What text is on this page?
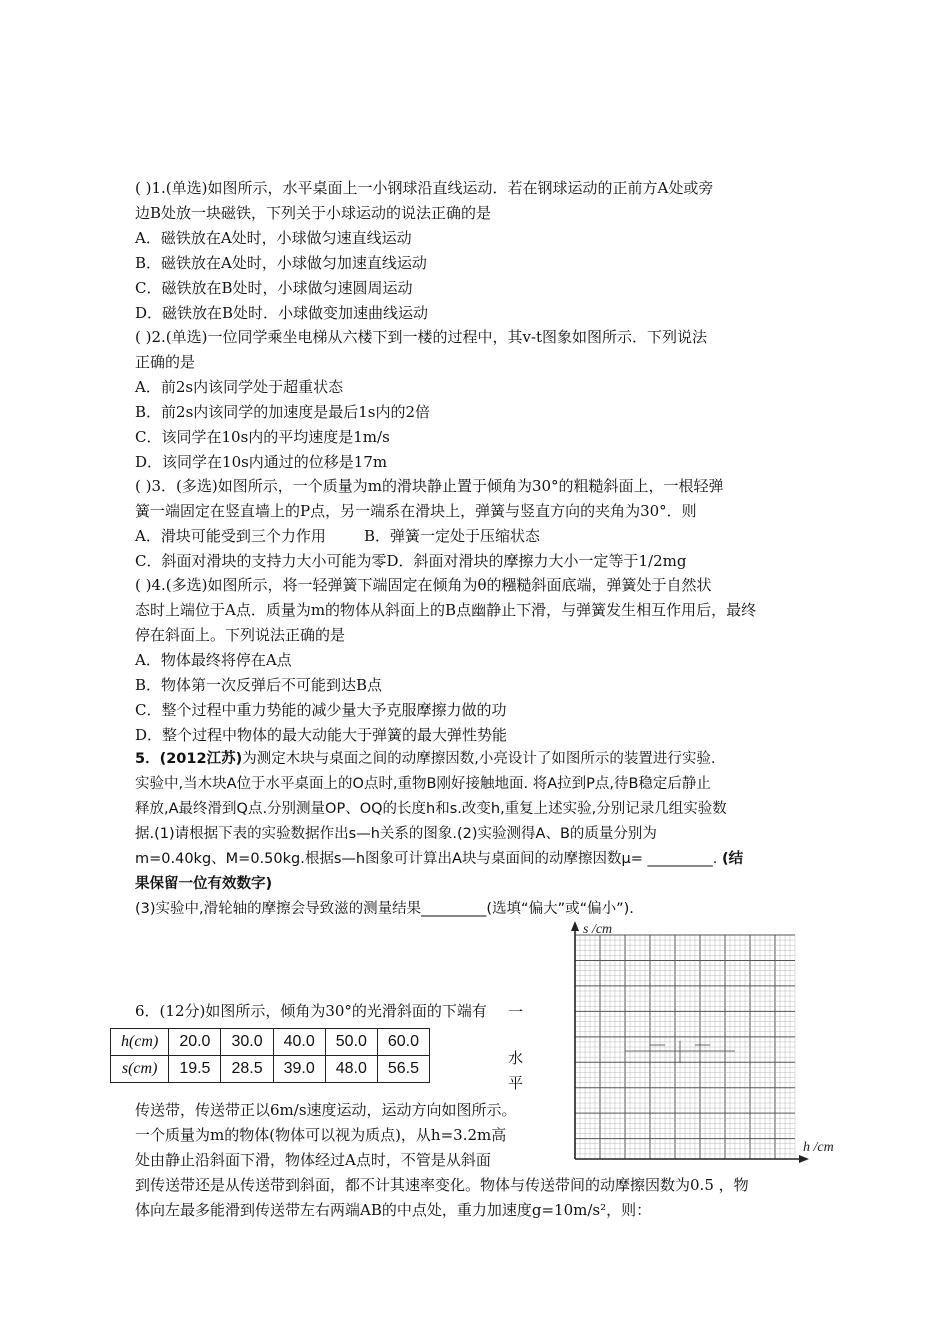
( )1.(单选)如图所示，水平桌面上一小钢球沿直线运动．若在钢球运动的正前方A处或旁
边B处放一块磁铁，下列关于小球运动的说法正确的是
A．磁铁放在A处时，小球做匀速直线运动
B．磁铁放在A处时，小球做匀加速直线运动
C．磁铁放在B处时，小球做匀速圆周运动
D．磁铁放在B处时．小球做变加速曲线运动
( )2.(单选)一位同学乘坐电梯从六楼下到一楼的过程中，其v-t图象如图所示．下列说法
正确的是
A．前2s内该同学处于超重状态
B．前2s内该同学的加速度是最后1s内的2倍
C．该同学在10s内的平均速度是1m/s
D．该同学在10s内通过的位移是17m
( )3．(多选)如图所示，一个质量为m的滑块静止置于倾角为30°的粗糙斜面上，一根轻弹
簧一端固定在竖直墙上的P点，另一端系在滑块上，弹簧与竖直方向的夹角为30°．则
A．滑块可能受到三个力作用        B．弹簧一定处于压缩状态
C．斜面对滑块的支持力大小可能为零D．斜面对滑块的摩擦力大小一定等于1/2mg
( )4.(多选)如图所示，将一轻弹簧下端固定在倾角为θ的糨糙斜面底端，弹簧处于自然状
态时上端位于A点．质量为m的物体从斜面上的B点幽静止下滑，与弹簧发生相互作用后，最终
停在斜面上。下列说法正确的是
A．物体最终将停在A点
B．物体第一次反弹后不可能到达B点
C．整个过程中重力势能的减少量大予克服摩擦力做的功
D．整个过程中物体的最大动能大于弹簧的最大弹性势能
5．(2012江苏)为测定木块与桌面之间的动摩擦因数,小亮设计了如图所示的装置进行实验.
实验中,当木块A位于水平桌面上的O点时,重物B刚好接触地面. 将A拉到P点,待B稳定后静止
释放,A最终滑到Q点.分别测量OP、OQ的长度h和s.改变h,重复上述实验,分别记录几组实验数
据.(1)请根据下表的实验数据作出s—h关系的图象.(2)实验测得A、B的质量分别为
m=0.40kg、M=0.50kg.根据s—h图象可计算出A块与桌面间的动摩擦因数μ= _________. (结
果保留一位有效数字)
(3)实验中,滑轮轴的摩擦会导致滋的测量结果_________(选填“偏大”或“偏小”).
6．(12分)如图所示，倾角为30°的光滑斜面的下端有 一
水
平
h(cm)	20.0	30.0	40.0	50.0	60.0
s(cm)	19.5	28.5	39.0	48.0	56.5
传送带，传送带正以6m/s速度运动，运动方向如图所示。
一个质量为m的物体(物体可以视为质点)，从h=3.2m高
处由静止沿斜面下滑，物体经过A点时，不管是从斜面
到传送带还是从传送带到斜面，都不计其速率变化。物体与传送带间的动摩擦因数为0.5 ，物
体向左最多能滑到传送带左右两端AB的中点处，重力加速度g=10m/s²，则：
s /cm
h /cm
